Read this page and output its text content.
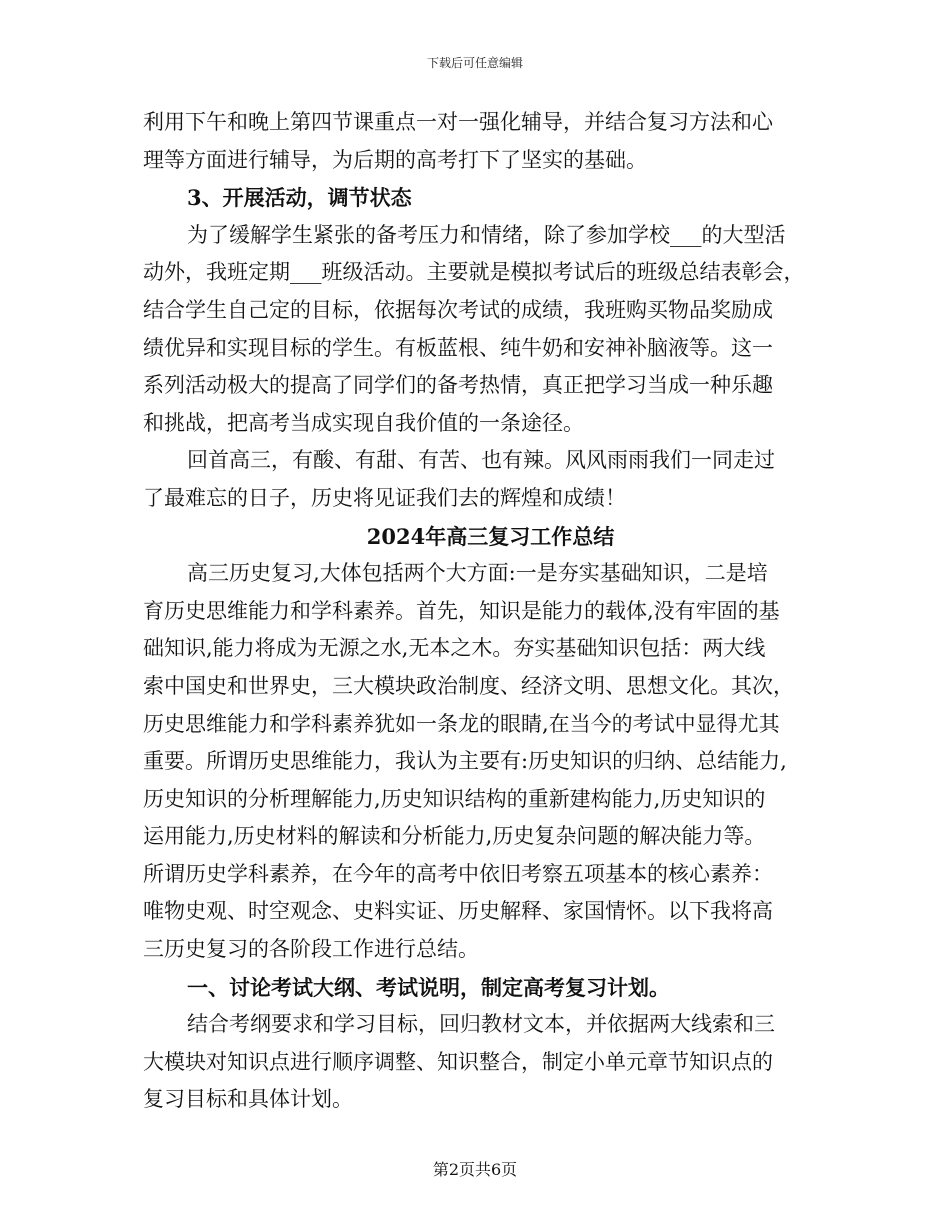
下载后可任意编辑
利用下午和晚上第四节课重点一对一强化辅导，并结合复习方法和心
理等方面进行辅导，为后期的高考打下了坚实的基础。
3、开展活动，调节状态
为了缓解学生紧张的备考压力和情绪，除了参加学校___的大型活
动外，我班定期___班级活动。主要就是模拟考试后的班级总结表彰会，
结合学生自己定的目标，依据每次考试的成绩，我班购买物品奖励成
绩优异和实现目标的学生。有板蓝根、纯牛奶和安神补脑液等。这一
系列活动极大的提高了同学们的备考热情，真正把学习当成一种乐趣
和挑战，把高考当成实现自我价值的一条途径。
回首高三，有酸、有甜、有苦、也有辣。风风雨雨我们一同走过
了最难忘的日子，历史将见证我们去的辉煌和成绩！
2024年高三复习工作总结
高三历史复习,大体包括两个大方面:一是夯实基础知识，二是培
育历史思维能力和学科素养。首先，知识是能力的载体,没有牢固的基
础知识,能力将成为无源之水,无本之木。夯实基础知识包括：两大线
索中国史和世界史，三大模块政治制度、经济文明、思想文化。其次，
历史思维能力和学科素养犹如一条龙的眼睛,在当今的考试中显得尤其
重要。所谓历史思维能力，我认为主要有:历史知识的归纳、总结能力,
历史知识的分析理解能力,历史知识结构的重新建构能力,历史知识的
运用能力,历史材料的解读和分析能力,历史复杂问题的解决能力等。
所谓历史学科素养，在今年的高考中依旧考察五项基本的核心素养：
唯物史观、时空观念、史料实证、历史解释、家国情怀。以下我将高
三历史复习的各阶段工作进行总结。
一、讨论考试大纲、考试说明，制定高考复习计划。
结合考纲要求和学习目标，回归教材文本，并依据两大线索和三
大模块对知识点进行顺序调整、知识整合，制定小单元章节知识点的
复习目标和具体计划。
第2页共6页
